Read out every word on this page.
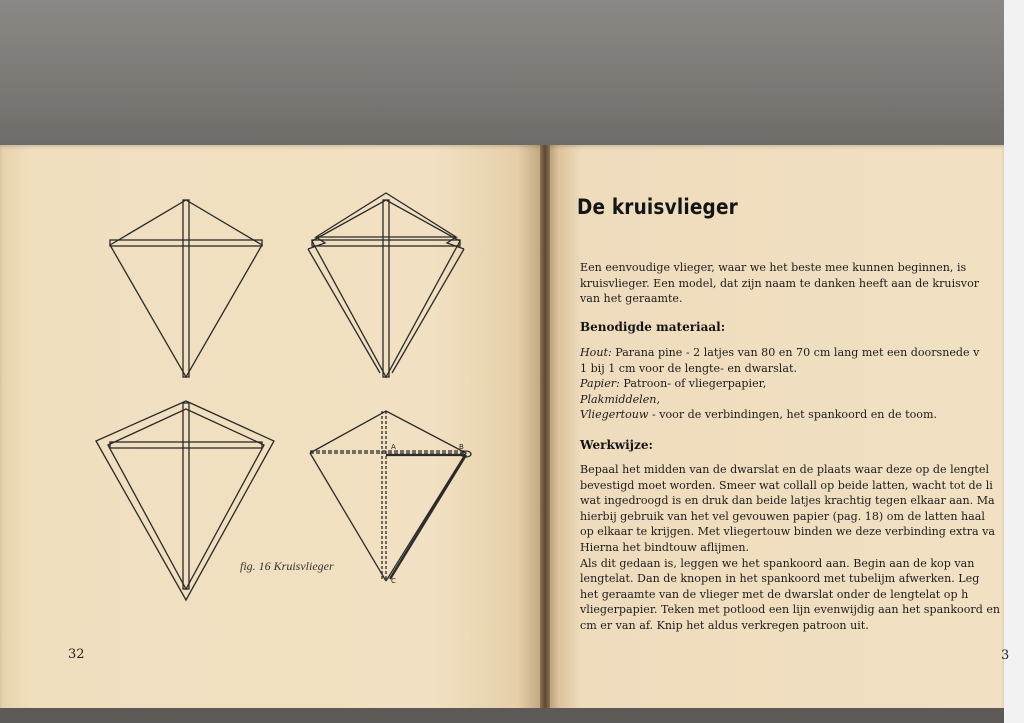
A	B
C
fig. 16 Kruisvlieger
32
De kruisvlieger
Een eenvoudige vlieger, waar we het beste mee kunnen beginnen, is
kruisvlieger. Een model, dat zijn naam te danken heeft aan de kruisvor
van het geraamte.
Benodigde materiaal:
Hout: Parana pine - 2 latjes van 80 en 70 cm lang met een doorsnede v
1 bij 1 cm voor de lengte- en dwarslat.
Papier: Patroon- of vliegerpapier,
Plakmiddelen,
Vliegertouw - voor de verbindingen, het spankoord en de toom.
Werkwijze:
Bepaal het midden van de dwarslat en de plaats waar deze op de lengtel
bevestigd moet worden. Smeer wat collall op beide latten, wacht tot de li
wat ingedroogd is en druk dan beide latjes krachtig tegen elkaar aan. Ma
hierbij gebruik van het vel gevouwen papier (pag. 18) om de latten haal
op elkaar te krijgen. Met vliegertouw binden we deze verbinding extra va
Hierna het bindtouw aflijmen.
Als dit gedaan is, leggen we het spankoord aan. Begin aan de kop van
lengtelat. Dan de knopen in het spankoord met tubelijm afwerken. Leg
het geraamte van de vlieger met de dwarslat onder de lengtelat op h
vliegerpapier. Teken met potlood een lijn evenwijdig aan het spankoord en
cm er van af. Knip het aldus verkregen patroon uit.
3
